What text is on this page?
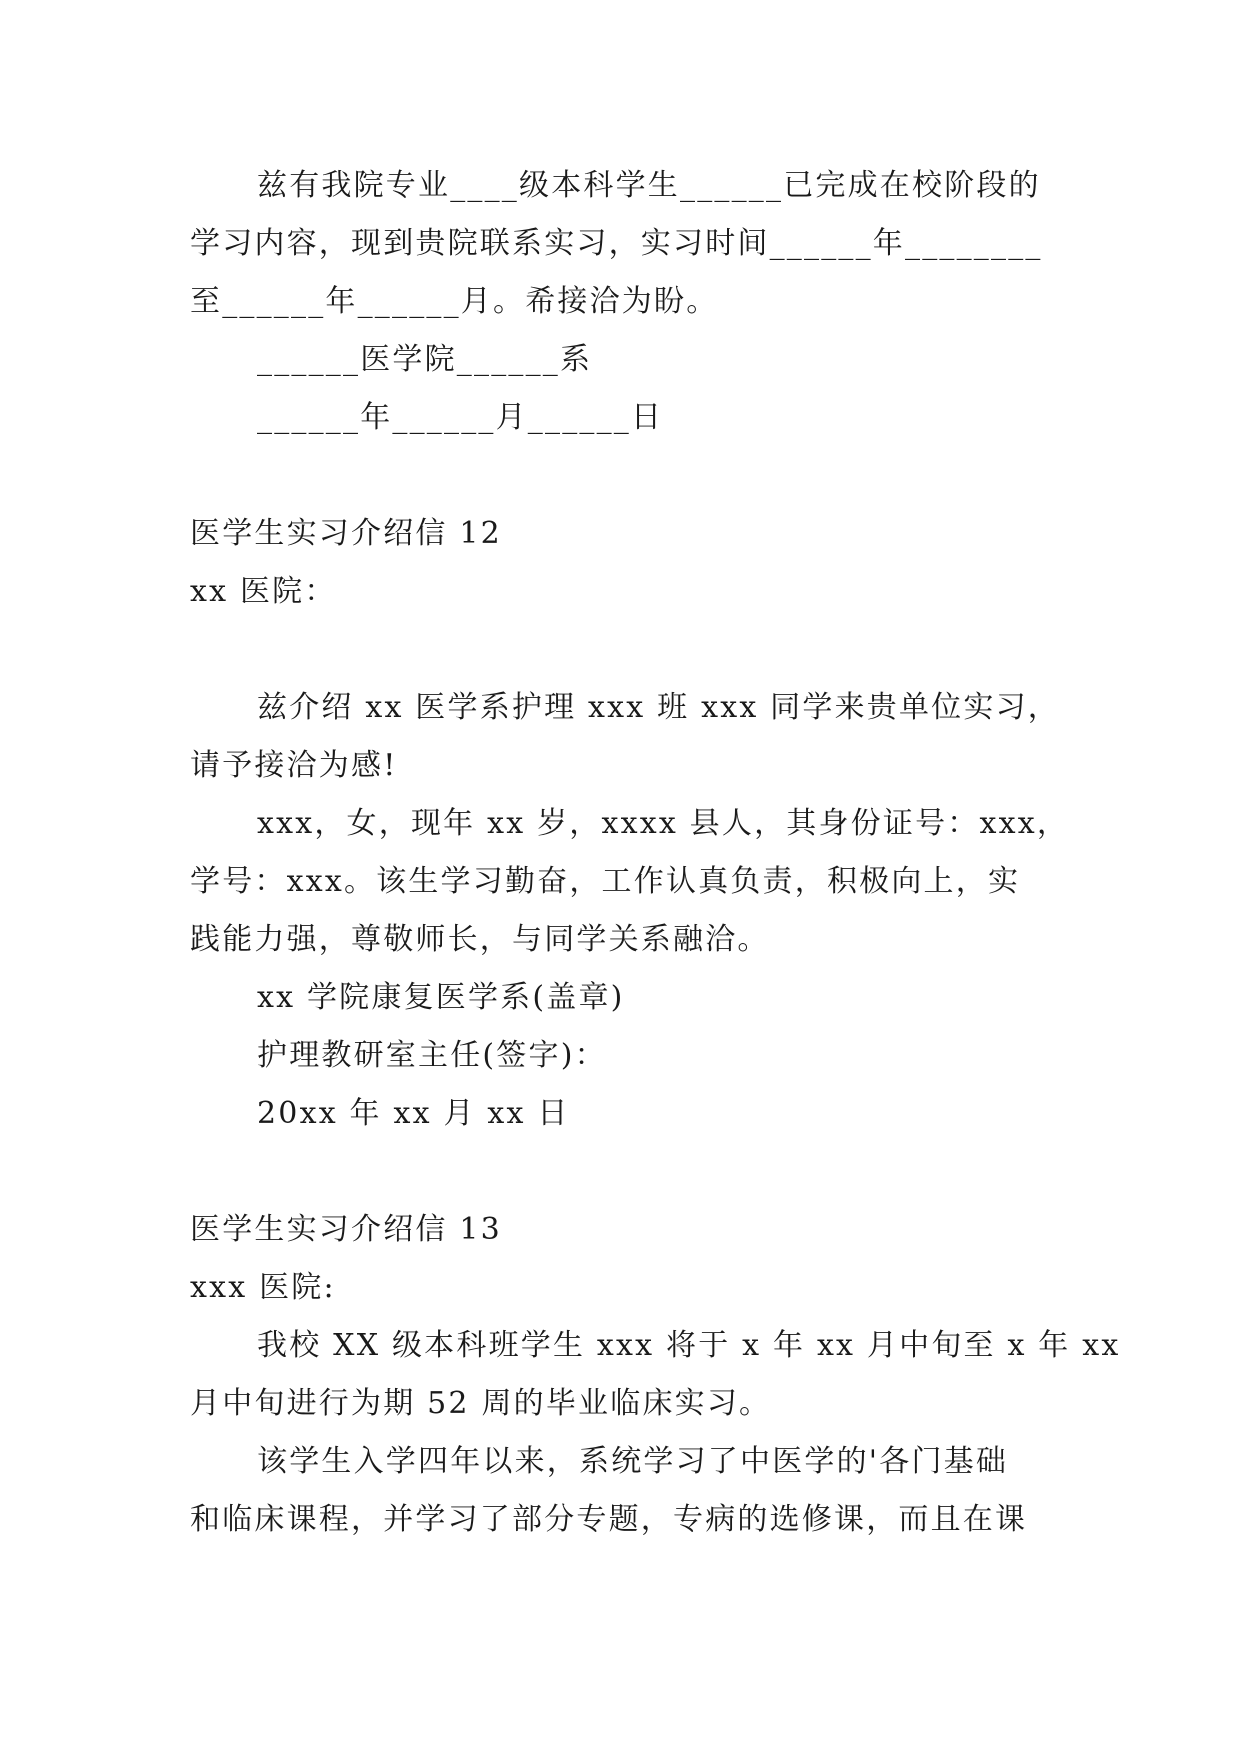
兹有我院专业____级本科学生______已完成在校阶段的
学习内容，现到贵院联系实习，实习时间______年________
至______年______月。希接洽为盼。
______医学院______系
______年______月______日
医学生实习介绍信 12
xx 医院：
兹介绍 xx 医学系护理 xxx 班 xxx 同学来贵单位实习，
请予接洽为感!
xxx，女，现年 xx 岁，xxxx 县人，其身份证号：xxx，
学号：xxx。该生学习勤奋，工作认真负责，积极向上，实
践能力强，尊敬师长，与同学关系融洽。
xx 学院康复医学系(盖章)
护理教研室主任(签字)：
20xx 年 xx 月 xx 日
医学生实习介绍信 13
xxx 医院:
我校 XX 级本科班学生 xxx 将于 x 年 xx 月中旬至 x 年 xx
月中旬进行为期 52 周的毕业临床实习。
该学生入学四年以来，系统学习了中医学的'各门基础
和临床课程，并学习了部分专题，专病的选修课，而且在课
